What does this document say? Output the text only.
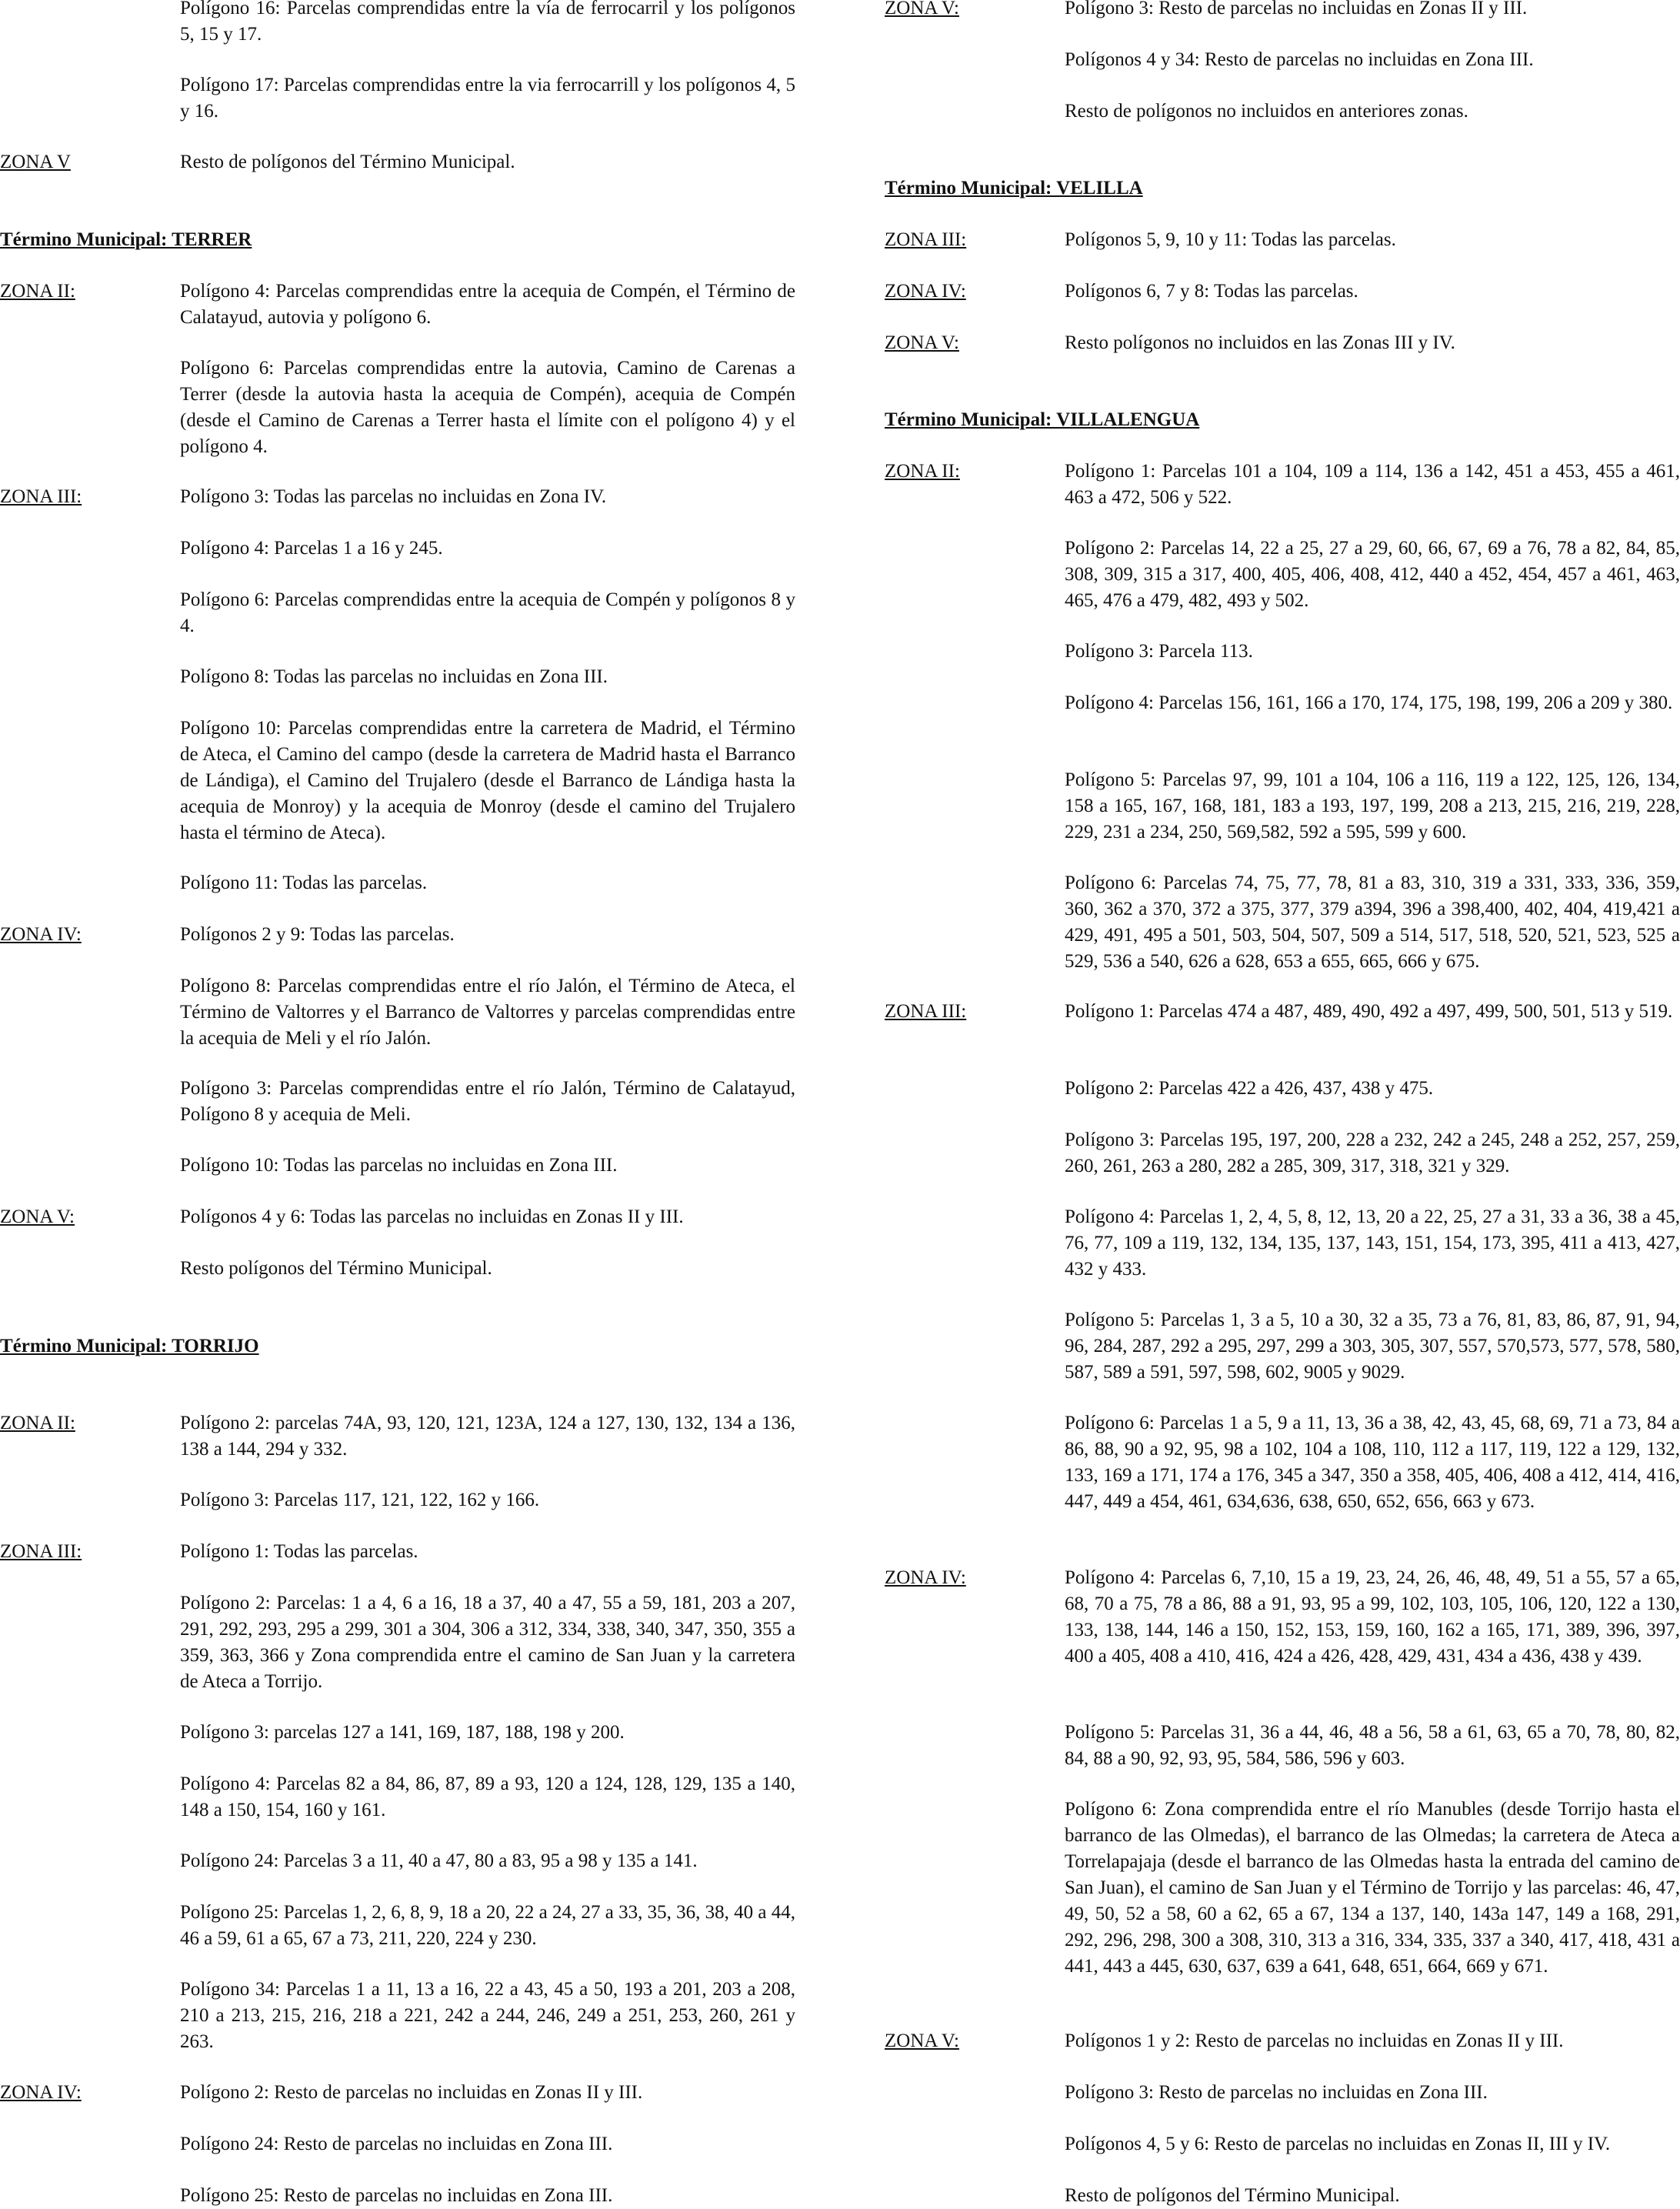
Polígono 16: Parcelas comprendidas entre la vía de ferrocarril y los polígonos 5, 15 y 17.
Polígono 17: Parcelas comprendidas entre la via ferrocarrill y los polígonos 4, 5 y 16.
ZONA V	Resto de polígonos del Término Municipal.
Término Municipal: TERRER
ZONA II:	Polígono 4: Parcelas comprendidas entre la acequia de Compén, el Término de Calatayud, autovia y polígono 6.
Polígono 6: Parcelas comprendidas entre la autovia, Camino de Carenas a Terrer (desde la autovia hasta la acequia de Compén), acequia de Compén (desde el Camino de Carenas a Terrer hasta el límite con el polígono 4) y el polígono 4.
ZONA III:	Polígono 3: Todas las parcelas no incluidas en Zona IV.
Polígono 4: Parcelas 1 a 16 y 245.
Polígono 6: Parcelas comprendidas entre la acequia de Compén y polígonos 8 y 4.
Polígono 8: Todas las parcelas no incluidas en Zona III.
Polígono 10: Parcelas comprendidas entre la carretera de Madrid, el Término de Ateca, el Camino del campo (desde la carretera de Madrid hasta el Barranco de Lándiga), el Camino del Trujalero (desde el Barranco de Lándiga hasta la acequia de Monroy) y la acequia de Monroy (desde el camino del Trujalero hasta el término de Ateca).
Polígono 11: Todas las parcelas.
ZONA IV:	Polígonos 2 y 9: Todas las parcelas.
Polígono 8: Parcelas comprendidas entre el río Jalón, el Término de Ateca, el Término de Valtorres y el Barranco de Valtorres y parcelas comprendidas entre la acequia de Meli y el río Jalón.
Polígono 3: Parcelas comprendidas entre el río Jalón, Término de Calatayud, Polígono 8 y acequia de Meli.
Polígono 10: Todas las parcelas no incluidas en Zona III.
ZONA V:	Polígonos 4 y 6: Todas las parcelas no incluidas en Zonas II y III.
Resto polígonos del Término Municipal.
Término Municipal: TORRIJO
ZONA II:	Polígono 2: parcelas 74A, 93, 120, 121, 123A, 124 a 127, 130, 132, 134 a 136, 138 a 144, 294 y 332.
Polígono 3: Parcelas 117, 121, 122, 162 y 166.
ZONA III:	Polígono 1: Todas las parcelas.
Polígono 2: Parcelas: 1 a 4, 6 a 16, 18 a 37, 40 a 47, 55 a 59, 181, 203 a 207, 291, 292, 293, 295 a 299, 301 a 304, 306 a 312, 334, 338, 340, 347, 350, 355 a 359, 363, 366 y Zona comprendida entre el camino de San Juan y la carretera de Ateca a Torrijo.
Polígono 3: parcelas 127 a 141, 169, 187, 188, 198 y 200.
Polígono 4: Parcelas 82 a 84, 86, 87, 89 a 93, 120 a 124, 128, 129, 135 a 140, 148 a 150, 154, 160 y 161.
Polígono 24: Parcelas 3 a 11, 40 a 47, 80 a 83, 95 a 98 y 135 a 141.
Polígono 25: Parcelas 1, 2, 6, 8, 9, 18 a 20, 22 a 24, 27 a 33, 35, 36, 38, 40 a 44, 46 a 59, 61 a 65, 67 a 73, 211, 220, 224 y 230.
Polígono 34: Parcelas 1 a 11, 13 a 16, 22 a 43, 45 a 50, 193 a 201, 203 a 208, 210 a 213, 215, 216, 218 a 221, 242 a 244, 246, 249 a 251, 253, 260, 261 y 263.
ZONA IV:	Polígono 2: Resto de parcelas no incluidas en Zonas II y III.
Polígono 24: Resto de parcelas no incluidas en Zona III.
Polígono 25: Resto de parcelas no incluidas en Zona III.
ZONA V:	Polígono 3: Resto de parcelas no incluidas en Zonas II y III.
Polígonos 4 y 34: Resto de parcelas no incluidas en Zona III.
Resto de polígonos no incluidos en anteriores zonas.
Término Municipal: VELILLA
ZONA III:	Polígonos 5, 9, 10 y 11: Todas las parcelas.
ZONA IV:	Polígonos 6, 7 y 8: Todas las parcelas.
ZONA V:	Resto polígonos no incluidos en las Zonas III y IV.
Término Municipal: VILLALENGUA
ZONA II:	Polígono 1: Parcelas 101 a 104, 109 a 114, 136 a 142, 451 a 453, 455 a 461, 463 a 472, 506 y 522.
Polígono 2: Parcelas 14, 22 a 25, 27 a 29, 60, 66, 67, 69 a 76, 78 a 82, 84, 85, 308, 309, 315 a 317, 400, 405, 406, 408, 412, 440 a 452, 454, 457 a 461, 463, 465, 476 a 479, 482, 493 y 502.
Polígono 3: Parcela 113.
Polígono 4: Parcelas 156, 161, 166 a 170, 174, 175, 198, 199, 206 a 209 y 380.
Polígono 5: Parcelas 97, 99, 101 a 104, 106 a 116, 119 a 122, 125, 126, 134, 158 a 165, 167, 168, 181, 183 a 193, 197, 199, 208 a 213, 215, 216, 219, 228, 229, 231 a 234, 250, 569,582, 592 a 595, 599 y 600.
Polígono 6: Parcelas 74, 75, 77, 78, 81 a 83, 310, 319 a 331, 333, 336, 359, 360, 362 a 370, 372 a 375, 377, 379 a394, 396 a 398,400, 402, 404, 419,421 a 429, 491, 495 a 501, 503, 504, 507, 509 a 514, 517, 518, 520, 521, 523, 525 a 529, 536 a 540, 626 a 628, 653 a 655, 665, 666 y 675.
ZONA III:	Polígono 1: Parcelas 474 a 487, 489, 490, 492 a 497, 499, 500, 501, 513 y 519.
Polígono 2: Parcelas 422 a 426, 437, 438 y 475.
Polígono 3: Parcelas 195, 197, 200, 228 a 232, 242 a 245, 248 a 252, 257, 259, 260, 261, 263 a 280, 282 a 285, 309, 317, 318, 321 y 329.
Polígono 4: Parcelas 1, 2, 4, 5, 8, 12, 13, 20 a 22, 25, 27 a 31, 33 a 36, 38 a 45, 76, 77, 109 a 119, 132, 134, 135, 137, 143, 151, 154, 173, 395, 411 a 413, 427, 432 y 433.
Polígono 5: Parcelas 1, 3 a 5, 10 a 30, 32 a 35, 73 a 76, 81, 83, 86, 87, 91, 94, 96, 284, 287, 292 a 295, 297, 299 a 303, 305, 307, 557, 570,573, 577, 578, 580, 587, 589 a 591, 597, 598, 602, 9005 y 9029.
Polígono 6: Parcelas 1 a 5, 9 a 11, 13, 36 a 38, 42, 43, 45, 68, 69, 71 a 73, 84 a 86, 88, 90 a 92, 95, 98 a 102, 104 a 108, 110, 112 a 117, 119, 122 a 129, 132, 133, 169 a 171, 174 a 176, 345 a 347, 350 a 358, 405, 406, 408 a 412, 414, 416, 447, 449 a 454, 461, 634,636, 638, 650, 652, 656, 663 y 673.
ZONA IV:	Polígono 4: Parcelas 6, 7,10, 15 a 19, 23, 24, 26, 46, 48, 49, 51 a 55, 57 a 65, 68, 70 a 75, 78 a 86, 88 a 91, 93, 95 a 99, 102, 103, 105, 106, 120, 122 a 130, 133, 138, 144, 146 a 150, 152, 153, 159, 160, 162 a 165, 171, 389, 396, 397, 400 a 405, 408 a 410, 416, 424 a 426, 428, 429, 431, 434 a 436, 438 y 439.
Polígono 5: Parcelas 31, 36 a 44, 46, 48 a 56, 58 a 61, 63, 65 a 70, 78, 80, 82, 84, 88 a 90, 92, 93, 95, 584, 586, 596 y 603.
Polígono 6: Zona comprendida entre el río Manubles (desde Torrijo hasta el barranco de las Olmedas), el barranco de las Olmedas; la carretera de Ateca a Torrelapajaja (desde el barranco de las Olmedas hasta la entrada del camino de San Juan), el camino de San Juan y el Término de Torrijo y las parcelas: 46, 47, 49, 50, 52 a 58, 60 a 62, 65 a 67, 134 a 137, 140, 143a 147, 149 a 168, 291, 292, 296, 298, 300 a 308, 310, 313 a 316, 334, 335, 337 a 340, 417, 418, 431 a 441, 443 a 445, 630, 637, 639 a 641, 648, 651, 664, 669 y 671.
ZONA V:	Polígonos 1 y 2: Resto de parcelas no incluidas en Zonas II y III.
Polígono 3: Resto de parcelas no incluidas en Zona III.
Polígonos 4, 5 y 6: Resto de parcelas no incluidas en Zonas II, III y IV.
Resto de polígonos del Término Municipal.
